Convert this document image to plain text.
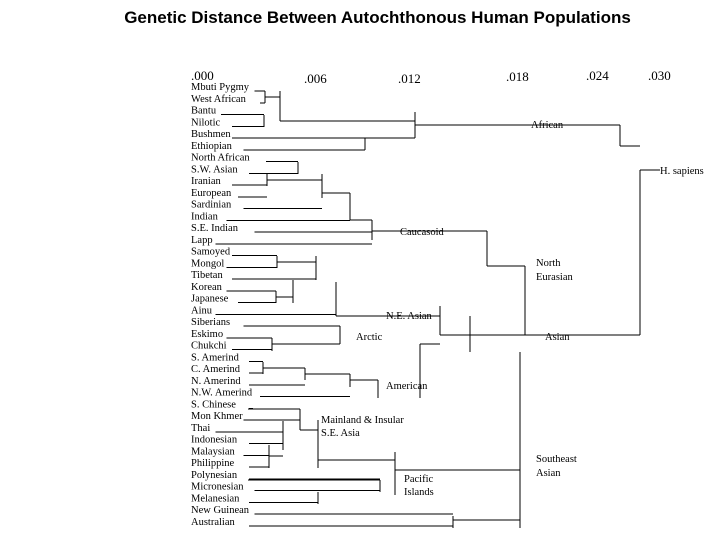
Genetic Distance Between Autochthonous Human Populations
.000	.006	.012	.018	.024	.030
Mbuti Pygmy
West African
Bantu
Nilotic
Bushmen
Ethiopian
North African
S.W. Asian
Iranian
European
Sardinian
Indian
S.E. Indian
Lapp
Samoyed
Mongol
Tibetan
Korean
Japanese
Ainu
Siberians
Eskimo
Chukchi
S. Amerind
C. Amerind
N. Amerind
N.W. Amerind
S. Chinese
Mon Khmer
Thai
Indonesian
Malaysian
Philippine
Polynesian
Micronesian
Melanesian
New Guinean
Australian
African
H. sapiens
Caucasoid
North
Eurasian
N.E. Asian
Arctic	Asian
American
Mainland & Insular
S.E. Asia
Southeast
Asian
Pacific
Islands
